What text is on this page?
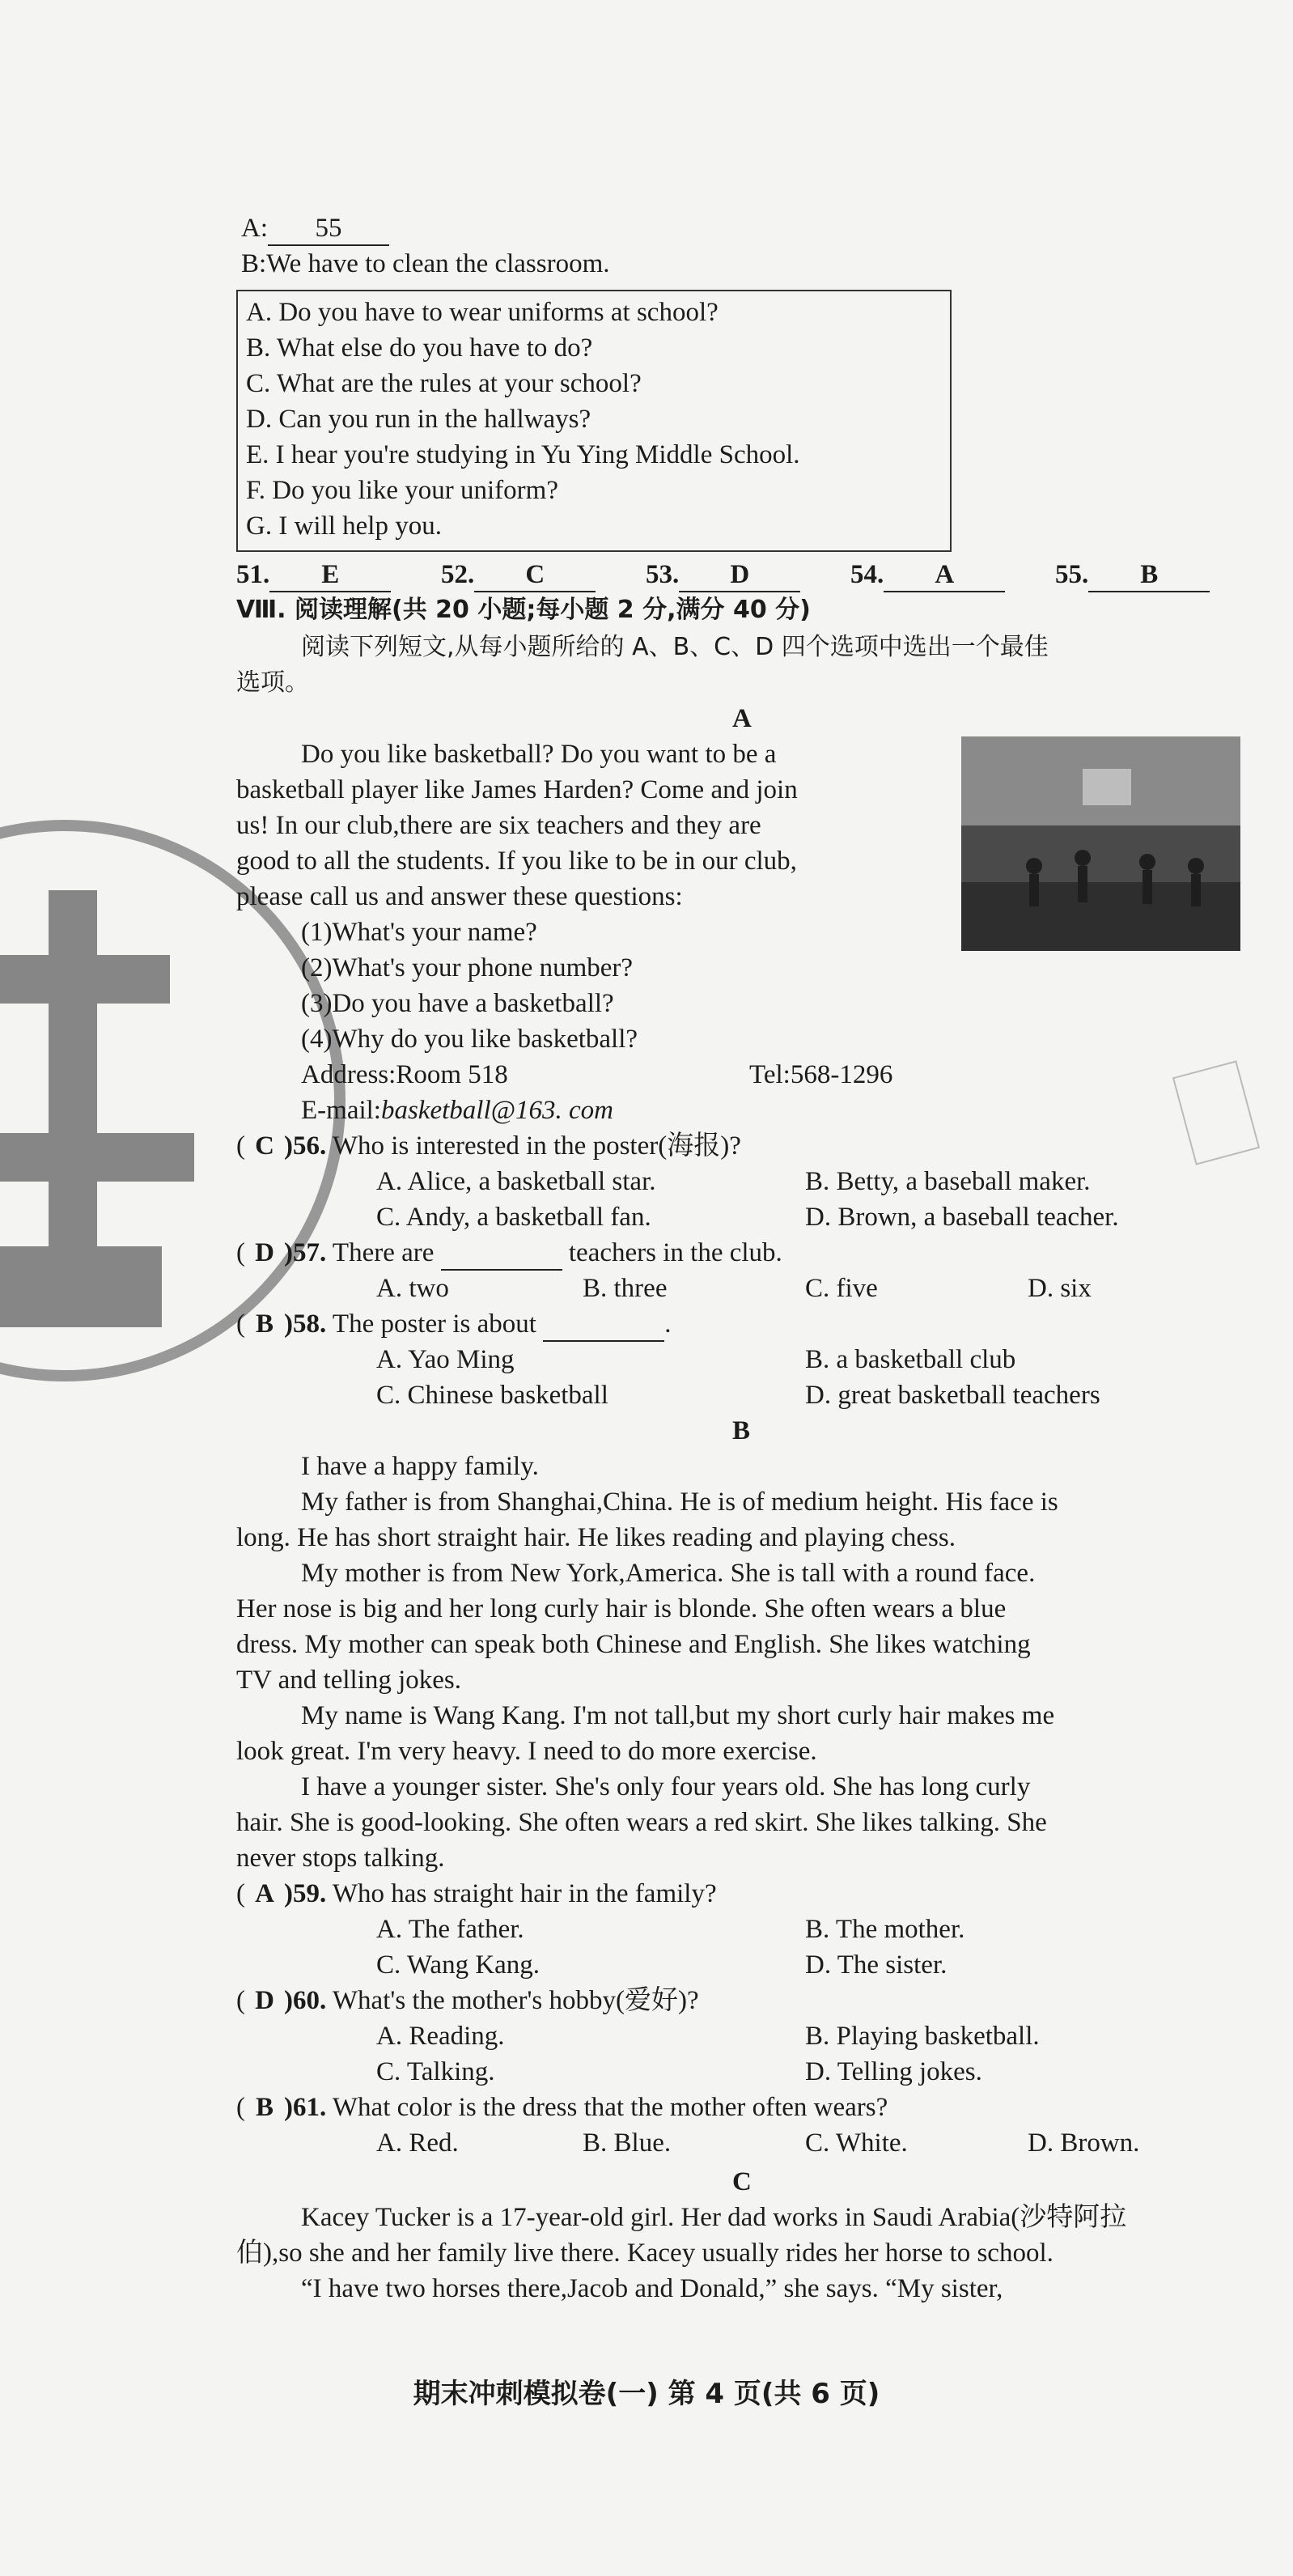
A: 55
B:We have to clean the classroom.
A. Do you have to wear uniforms at school?
B. What else do you have to do?
C. What are the rules at your school?
D. Can you run in the hallways?
E. I hear you're studying in Yu Ying Middle School.
F. Do you like your uniform?
G. I will help you.
51. E	52. C	53. D	54. A	55. B
Ⅷ. 阅读理解(共 20 小题;每小题 2 分,满分 40 分)
阅读下列短文,从每小题所给的 A、B、C、D 四个选项中选出一个最佳
选项。
A
Do you like basketball? Do you want to be a
basketball player like James Harden? Come and join
us! In our club,there are six teachers and they are
good to all the students. If you like to be in our club,
please call us and answer these questions:
(1)What's your name?
(2)What's your phone number?
(3)Do you have a basketball?
(4)Why do you like basketball?
Address:Room 518	Tel:568-1296
E-mail:basketball@163. com
( C )56. Who is interested in the poster(海报)?
A. Alice, a basketball star.	B. Betty, a baseball maker.
C. Andy, a basketball fan.	D. Brown, a baseball teacher.
( D )57. There are	teachers in the club.
A. two	B. three	C. five	D. six
( B )58. The poster is about	.
A. Yao Ming	B. a basketball club
C. Chinese basketball	D. great basketball teachers
B
I have a happy family.
My father is from Shanghai,China. He is of medium height. His face is
long. He has short straight hair. He likes reading and playing chess.
My mother is from New York,America. She is tall with a round face.
Her nose is big and her long curly hair is blonde. She often wears a blue
dress. My mother can speak both Chinese and English. She likes watching
TV and telling jokes.
My name is Wang Kang. I'm not tall,but my short curly hair makes me
look great. I'm very heavy. I need to do more exercise.
I have a younger sister. She's only four years old. She has long curly
hair. She is good-looking. She often wears a red skirt. She likes talking. She
never stops talking.
( A )59. Who has straight hair in the family?
A. The father.	B. The mother.
C. Wang Kang.	D. The sister.
( D )60. What's the mother's hobby(爱好)?
A. Reading.	B. Playing basketball.
C. Talking.	D. Telling jokes.
( B )61. What color is the dress that the mother often wears?
A. Red.	B. Blue.	C. White.	D. Brown.
C
Kacey Tucker is a 17-year-old girl. Her dad works in Saudi Arabia(沙特阿拉
伯),so she and her family live there. Kacey usually rides her horse to school.
“I have two horses there,Jacob and Donald,” she says. “My sister,
期末冲刺模拟卷(一) 第 4 页(共 6 页)
